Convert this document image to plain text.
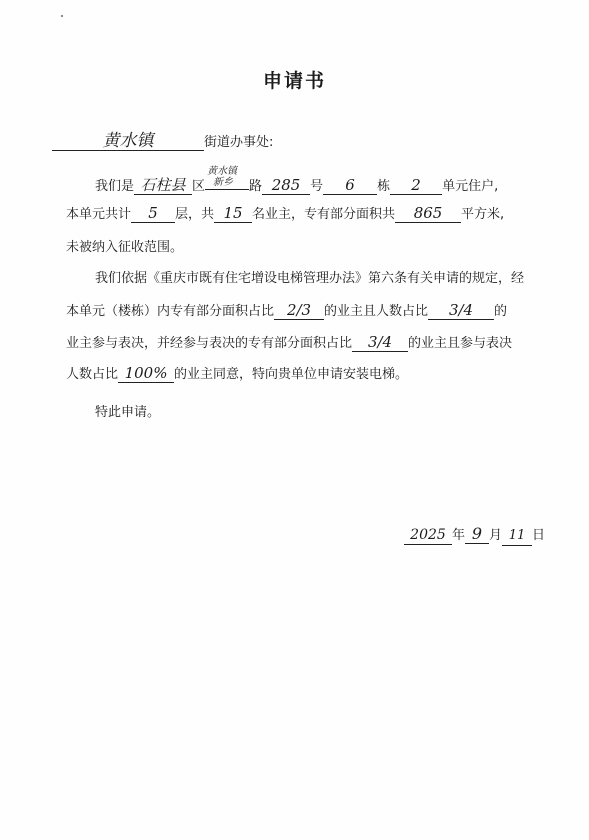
申请书
黄水镇	街道办事处:
我们是 石柱县 区
黄水镇
新乡 路 285 号 6 栋 2 单元住户,
本单元共计 5 层，共 15 名业主，专有部分面积共 865 平方米,
未被纳入征收范围。
我们依据《重庆市既有住宅增设电梯管理办法》第六条有关申请的规定，经
本单元（楼栋）内专有部分面积占比 2/3 的业主且人数占比 3/4 的
业主参与表决，并经参与表决的专有部分面积占比 3/4 的业主且参与表决
人数占比 100% 的业主同意，特向贵单位申请安装电梯。
特此申请。
2025 年 9 月 11 日
